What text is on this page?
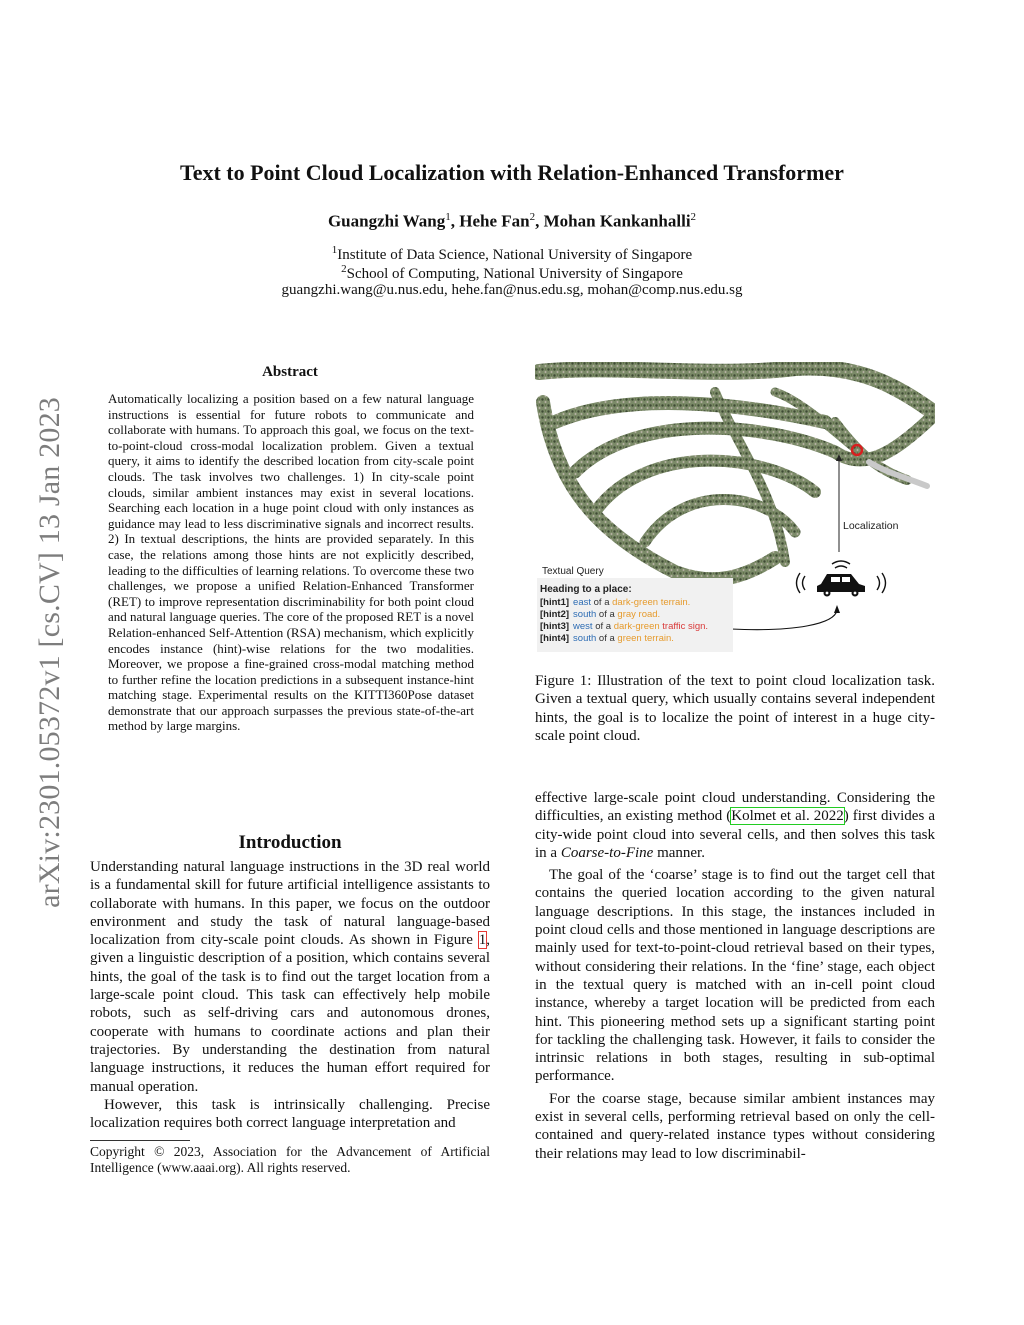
arXiv:2301.05372v1 [cs.CV] 13 Jan 2023
Text to Point Cloud Localization with Relation-Enhanced Transformer
Guangzhi Wang$^1$, Hehe Fan$^2$, Mohan Kankanhalli$^2$
$^1$Institute of Data Science, National University of Singapore
$^2$School of Computing, National University of Singapore
guangzhi.wang@u.nus.edu, hehe.fan@nus.edu.sg, mohan@comp.nus.edu.sg
Abstract

Automatically localizing a position based on a few natural language instructions is essential for future robots to communicate and collaborate with humans. To approach this goal, we focus on the text-to-point-cloud cross-modal localization problem. Given a textual query, it aims to identify the described location from city-scale point clouds. The task involves two challenges. 1) In city-scale point clouds, similar ambient instances may exist in several locations. Searching each location in a huge point cloud with only instances as guidance may lead to less discriminative signals and incorrect results. 2) In textual descriptions, the hints are provided separately. In this case, the relations among those hints are not explicitly described, leading to the difficulties of learning relations. To overcome these two challenges, we propose a unified Relation-Enhanced Transformer (RET) to improve representation discriminability for both point cloud and natural language queries. The core of the proposed RET is a novel Relation-enhanced Self-Attention (RSA) mechanism, which explicitly encodes instance (hint)-wise relations for the two modalities. Moreover, we propose a fine-grained cross-modal matching method to further refine the location predictions in a subsequent instance-hint matching stage. Experimental results on the KITTI360Pose dataset demonstrate that our approach surpasses the previous state-of-the-art method by large margins.

Introduction

Understanding natural language instructions in the 3D real world is a fundamental skill for future artificial intelligence assistants to collaborate with humans. In this paper, we focus on the outdoor environment and study the task of natural language-based localization from city-scale point clouds. As shown in Figure 1, given a linguistic description of a position, which contains several hints, the goal of the task is to find out the target location from a large-scale point cloud. This task can effectively help mobile robots, such as self-driving cars and autonomous drones, cooperate with humans to coordinate actions and plan their trajectories. By understanding the destination from natural language instructions, it reduces the human effort required for manual operation.

However, this task is intrinsically challenging. Precise localization requires both correct language interpretation and

Copyright © 2023, Association for the Advancement of Artificial Intelligence (www.aaai.org). All rights reserved.
Localization
Textual Query
Heading to a place:
[hint1] east of a dark-green terrain.
[hint2] south of a gray road.
[hint3] west of a dark-green traffic sign.
[hint4] south of a green terrain.
Figure 1: Illustration of the text to point cloud localization task. Given a textual query, which usually contains several independent hints, the goal is to localize the point of interest in a huge city-scale point cloud.

effective large-scale point cloud understanding. Considering the difficulties, an existing method (Kolmet et al. 2022) first divides a city-wide point cloud into several cells, and then solves this task in a Coarse-to-Fine manner.

The goal of the ‘coarse’ stage is to find out the target cell that contains the queried location according to the given natural language descriptions. In this stage, the instances included in point cloud cells and those mentioned in language descriptions are mainly used for text-to-point-cloud retrieval based on their types, without considering their relations. In the ‘fine’ stage, each object in the textual query is matched with an in-cell point cloud instance, whereby a target location will be predicted from each hint. This pioneering method sets up a significant starting point for tackling the challenging task. However, it fails to consider the intrinsic relations in both stages, resulting in sub-optimal performance.

For the coarse stage, because similar ambient instances may exist in several cells, performing retrieval based on only the cell-contained and query-related instance types without considering their relations may lead to low discriminabil-
